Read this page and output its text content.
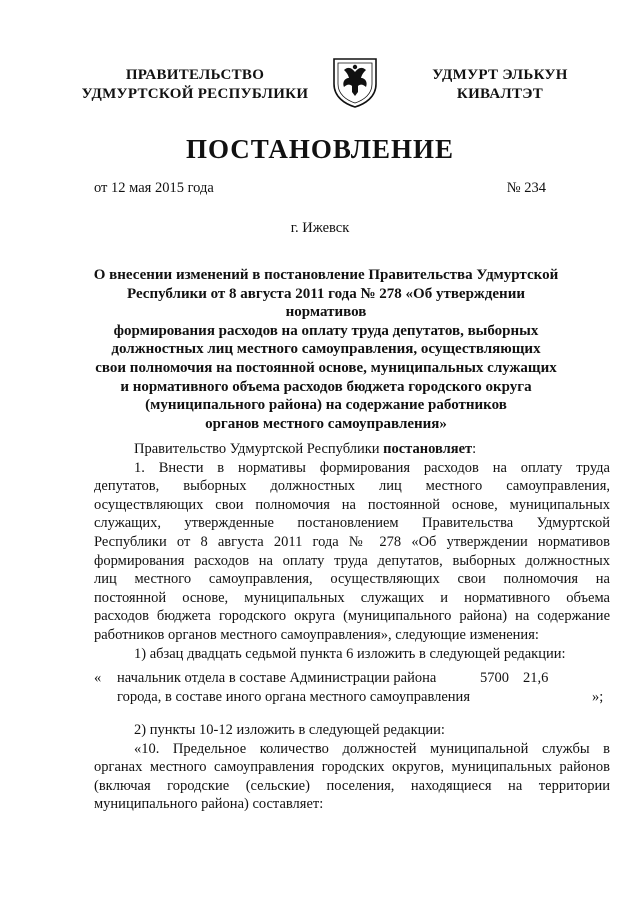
ПРАВИТЕЛЬСТВО
УДМУРТСКОЙ РЕСПУБЛИКИ
УДМУРТ ЭЛЬКУН
КИВАЛТЭТ
ПОСТАНОВЛЕНИЕ
от 12 мая 2015 года	№ 234
г. Ижевск
О внесении изменений в постановление Правительства Удмуртской
Республики от 8 августа 2011 года № 278 «Об утверждении нормативов
формирования расходов на оплату труда депутатов, выборных
должностных лиц местного самоуправления, осуществляющих
свои полномочия на постоянной основе, муниципальных служащих
и нормативного объема расходов бюджета городского округа
(муниципального района) на содержание работников
органов местного самоуправления»
Правительство Удмуртской Республики постановляет:
1. Внести в нормативы формирования расходов на оплату труда
депутатов, выборных должностных лиц местного самоуправления,
осуществляющих свои полномочия на постоянной основе, муниципальных
служащих, утвержденные постановлением Правительства Удмуртской
Республики от 8 августа 2011 года № 278 «Об утверждении нормативов
формирования расходов на оплату труда депутатов, выборных должностных
лиц местного самоуправления, осуществляющих свои полномочия на
постоянной основе, муниципальных служащих и нормативного объема
расходов бюджета городского округа (муниципального района) на содержание
работников органов местного самоуправления», следующие изменения:
1) абзац двадцать седьмой пункта 6 изложить в следующей редакции:
« начальник отдела в составе Администрации района
города, в составе иного органа местного самоуправления
5700 21,6
»;
2) пункты 10-12 изложить в следующей редакции:
«10. Предельное количество должностей муниципальной службы в
органах местного самоуправления городских округов, муниципальных районов
(включая городские (сельские) поселения, находящиеся на территории
муниципального района) составляет:
